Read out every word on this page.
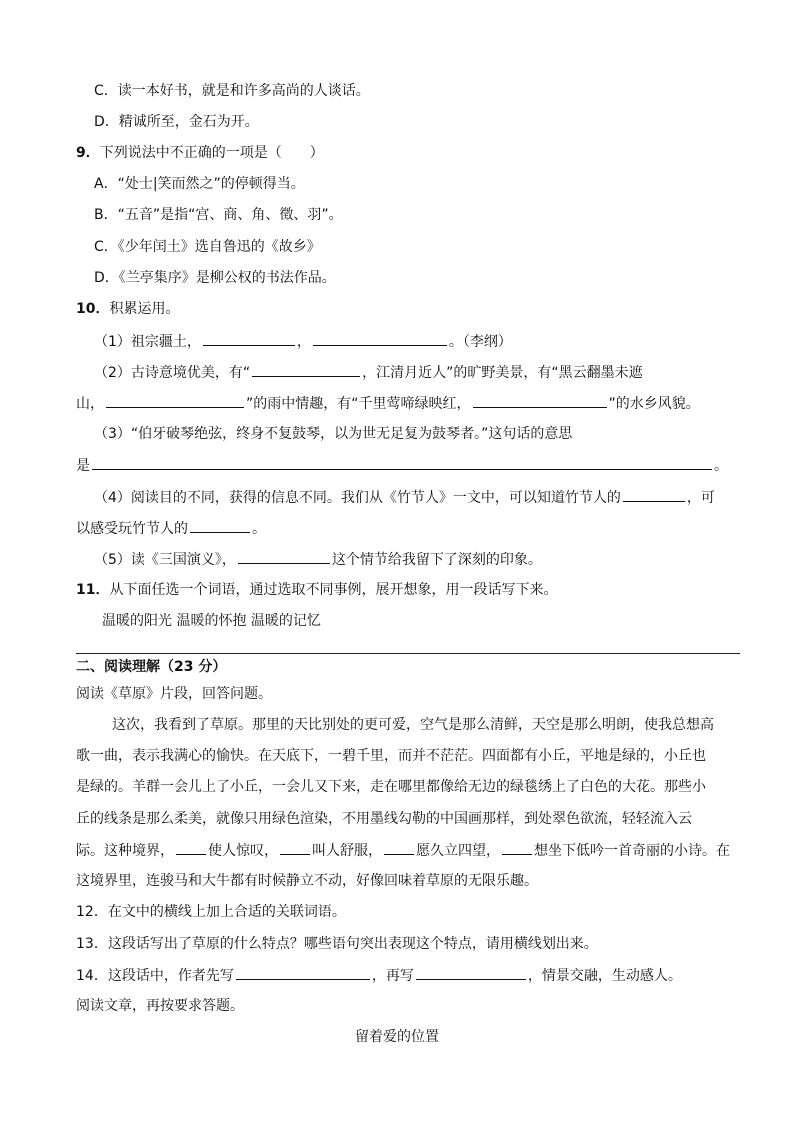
C．读一本好书，就是和许多高尚的人谈话。
D．精诚所至，金石为开。
9．下列说法中不正确的一项是（　　）
A．“处士|笑而然之”的停顿得当。
B．“五音”是指“宫、商、角、徵、羽”。
C．《少年闰土》选自鲁迅的《故乡》
D．《兰亭集序》是柳公权的书法作品。
10．积累运用。
（1）祖宗疆土，	，	。（李纲）
（2）古诗意境优美，有“	，江清月近人”的旷野美景，有“黑云翻墨未遮
山，	”的雨中情趣，有“千里莺啼绿映红，	”的水乡风貌。
（3）“伯牙破琴绝弦，终身不复鼓琴，以为世无足复为鼓琴者。”这句话的意思
是	。
（4）阅读目的不同，获得的信息不同。我们从《竹节人》一文中，可以知道竹节人的	，可
以感受玩竹节人的	。
（5）读《三国演义》，	这个情节给我留下了深刻的印象。
11．从下面任选一个词语，通过选取不同事例，展开想象，用一段话写下来。
温暖的阳光 温暖的怀抱 温暖的记忆
二、阅读理解（23 分）
阅读《草原》片段，回答问题。
这次，我看到了草原。那里的天比别处的更可爱，空气是那么清鲜，天空是那么明朗，使我总想高
歌一曲，表示我满心的愉快。在天底下，一碧千里，而并不茫茫。四面都有小丘，平地是绿的，小丘也
是绿的。羊群一会儿上了小丘，一会儿又下来，走在哪里都像给无边的绿毯绣上了白色的大花。那些小
丘的线条是那么柔美，就像只用绿色渲染，不用墨线勾勒的中国画那样，到处翠色欲流，轻轻流入云
际。这种境界， 使人惊叹， 叫人舒服， 愿久立四望， 想坐下低吟一首奇丽的小诗。在
这境界里，连骏马和大牛都有时候静立不动，好像回味着草原的无限乐趣。
12．在文中的横线上加上合适的关联词语。
13．这段话写出了草原的什么特点？哪些语句突出表现这个特点，请用横线划出来。
14．这段话中，作者先写	，再写	，情景交融，生动感人。
阅读文章，再按要求答题。
留着爱的位置
